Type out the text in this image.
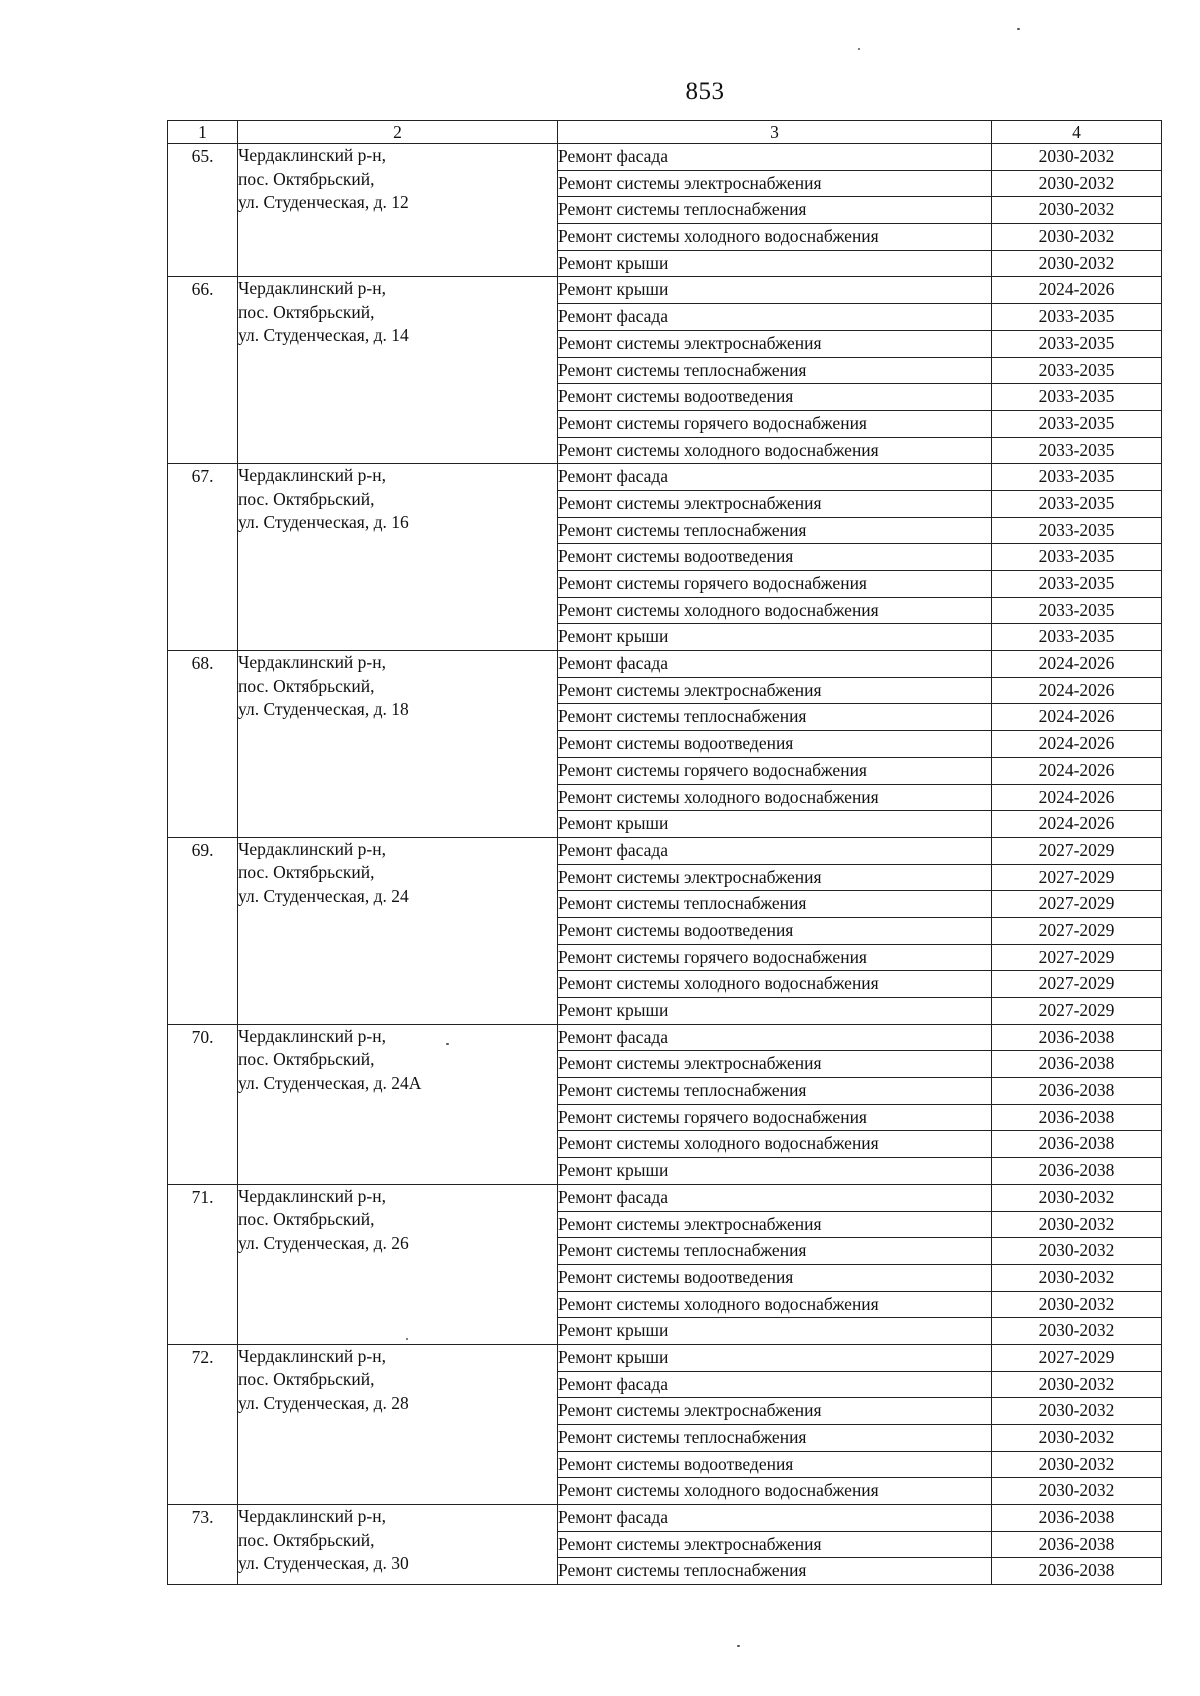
853
1	2	3	4
65.	Чердаклинский р-н,
пос. Октябрьский,
ул. Студенческая, д. 12	Ремонт фасада	2030-2032
		Ремонт системы электроснабжения	2030-2032
		Ремонт системы теплоснабжения	2030-2032
		Ремонт системы холодного водоснабжения	2030-2032
		Ремонт крыши	2030-2032
66.	Чердаклинский р-н,
пос. Октябрьский,
ул. Студенческая, д. 14	Ремонт крыши	2024-2026
		Ремонт фасада	2033-2035
		Ремонт системы электроснабжения	2033-2035
		Ремонт системы теплоснабжения	2033-2035
		Ремонт системы водоотведения	2033-2035
		Ремонт системы горячего водоснабжения	2033-2035
		Ремонт системы холодного водоснабжения	2033-2035
67.	Чердаклинский р-н,
пос. Октябрьский,
ул. Студенческая, д. 16	Ремонт фасада	2033-2035
		Ремонт системы электроснабжения	2033-2035
		Ремонт системы теплоснабжения	2033-2035
		Ремонт системы водоотведения	2033-2035
		Ремонт системы горячего водоснабжения	2033-2035
		Ремонт системы холодного водоснабжения	2033-2035
		Ремонт крыши	2033-2035
68.	Чердаклинский р-н,
пос. Октябрьский,
ул. Студенческая, д. 18	Ремонт фасада	2024-2026
		Ремонт системы электроснабжения	2024-2026
		Ремонт системы теплоснабжения	2024-2026
		Ремонт системы водоотведения	2024-2026
		Ремонт системы горячего водоснабжения	2024-2026
		Ремонт системы холодного водоснабжения	2024-2026
		Ремонт крыши	2024-2026
69.	Чердаклинский р-н,
пос. Октябрьский,
ул. Студенческая, д. 24	Ремонт фасада	2027-2029
		Ремонт системы электроснабжения	2027-2029
		Ремонт системы теплоснабжения	2027-2029
		Ремонт системы водоотведения	2027-2029
		Ремонт системы горячего водоснабжения	2027-2029
		Ремонт системы холодного водоснабжения	2027-2029
		Ремонт крыши	2027-2029
70.	Чердаклинский р-н,
пос. Октябрьский,
ул. Студенческая, д. 24А	Ремонт фасада	2036-2038
		Ремонт системы электроснабжения	2036-2038
		Ремонт системы теплоснабжения	2036-2038
		Ремонт системы горячего водоснабжения	2036-2038
		Ремонт системы холодного водоснабжения	2036-2038
		Ремонт крыши	2036-2038
71.	Чердаклинский р-н,
пос. Октябрьский,
ул. Студенческая, д. 26	Ремонт фасада	2030-2032
		Ремонт системы электроснабжения	2030-2032
		Ремонт системы теплоснабжения	2030-2032
		Ремонт системы водоотведения	2030-2032
		Ремонт системы холодного водоснабжения	2030-2032
		Ремонт крыши	2030-2032
72.	Чердаклинский р-н,
пос. Октябрьский,
ул. Студенческая, д. 28	Ремонт крыши	2027-2029
		Ремонт фасада	2030-2032
		Ремонт системы электроснабжения	2030-2032
		Ремонт системы теплоснабжения	2030-2032
		Ремонт системы водоотведения	2030-2032
		Ремонт системы холодного водоснабжения	2030-2032
73.	Чердаклинский р-н,
пос. Октябрьский,
ул. Студенческая, д. 30	Ремонт фасада	2036-2038
		Ремонт системы электроснабжения	2036-2038
		Ремонт системы теплоснабжения	2036-2038
